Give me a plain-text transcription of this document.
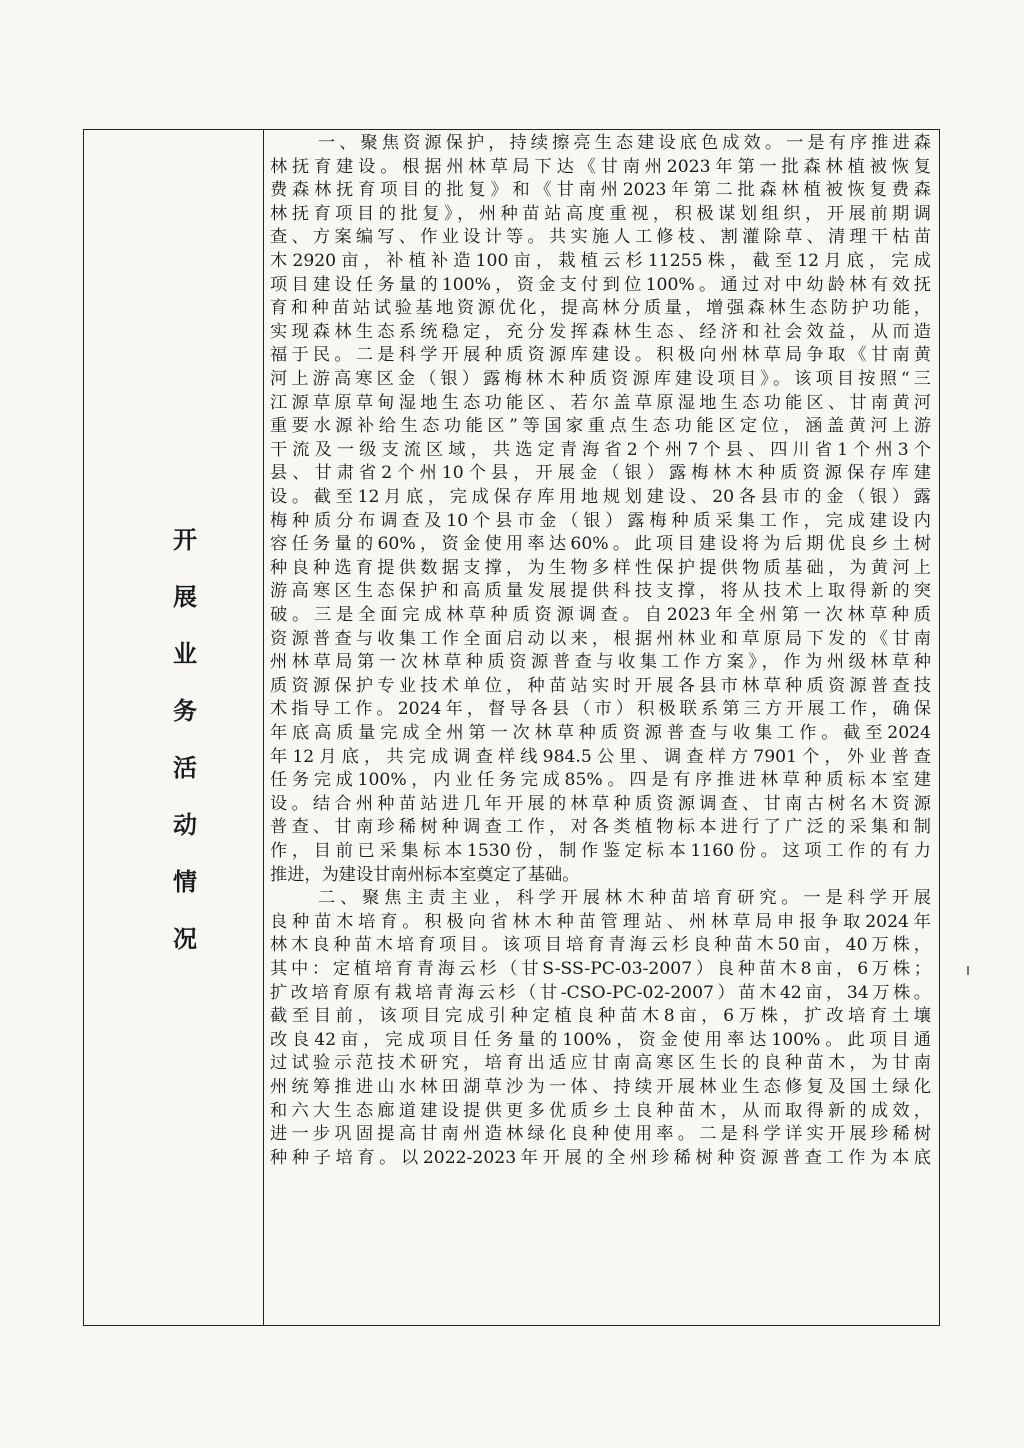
开
展
业
务
活
动
情
况
一、聚焦资源保护，持续擦亮生态建设底色成效。一是有序推进森
林抚育建设。根据州林草局下达《甘南州2023年第一批森林植被恢复
费森林抚育项目的批复》和《甘南州2023年第二批森林植被恢复费森
林抚育项目的批复》，州种苗站高度重视，积极谋划组织，开展前期调
查、方案编写、作业设计等。共实施人工修枝、割灌除草、清理干枯苗
木2920亩，补植补造100亩，栽植云杉11255株，截至12月底，完成
项目建设任务量的100%，资金支付到位100%。通过对中幼龄林有效抚
育和种苗站试验基地资源优化，提高林分质量，增强森林生态防护功能，
实现森林生态系统稳定，充分发挥森林生态、经济和社会效益，从而造
福于民。二是科学开展种质资源库建设。积极向州林草局争取《甘南黄
河上游高寒区金（银）露梅林木种质资源库建设项目》。该项目按照“三
江源草原草甸湿地生态功能区、若尔盖草原湿地生态功能区、甘南黄河
重要水源补给生态功能区”等国家重点生态功能区定位，涵盖黄河上游
干流及一级支流区域，共选定青海省2个州7个县、四川省1个州3个
县、甘肃省2个州10个县，开展金（银）露梅林木种质资源保存库建
设。截至12月底，完成保存库用地规划建设、20各县市的金（银）露
梅种质分布调查及10个县市金（银）露梅种质采集工作，完成建设内
容任务量的60%，资金使用率达60%。此项目建设将为后期优良乡土树
种良种选育提供数据支撑，为生物多样性保护提供物质基础，为黄河上
游高寒区生态保护和高质量发展提供科技支撑，将从技术上取得新的突
破。三是全面完成林草种质资源调查。自2023年全州第一次林草种质
资源普查与收集工作全面启动以来，根据州林业和草原局下发的《甘南
州林草局第一次林草种质资源普查与收集工作方案》，作为州级林草种
质资源保护专业技术单位，种苗站实时开展各县市林草种质资源普查技
术指导工作。2024年，督导各县（市）积极联系第三方开展工作，确保
年底高质量完成全州第一次林草种质资源普查与收集工作。截至2024
年12月底，共完成调查样线984.5公里、调查样方7901个，外业普查
任务完成100%，内业任务完成85%。四是有序推进林草种质标本室建
设。结合州种苗站进几年开展的林草种质资源调查、甘南古树名木资源
普查、甘南珍稀树种调查工作，对各类植物标本进行了广泛的采集和制
作，目前已采集标本1530份，制作鉴定标本1160份。这项工作的有力
推进，为建设甘南州标本室奠定了基础。
二、聚焦主责主业，科学开展林木种苗培育研究。一是科学开展
良种苗木培育。积极向省林木种苗管理站、州林草局申报争取2024年
林木良种苗木培育项目。该项目培育青海云杉良种苗木50亩，40万株，
其中：定植培育青海云杉（甘S-SS-PC-03-2007）良种苗木8亩，6万株；
扩改培育原有栽培青海云杉（甘-CSO-PC-02-2007）苗木42亩，34万株。
截至目前，该项目完成引种定植良种苗木8亩，6万株，扩改培育土壤
改良42亩，完成项目任务量的100%，资金使用率达100%。此项目通
过试验示范技术研究，培育出适应甘南高寒区生长的良种苗木，为甘南
州统筹推进山水林田湖草沙为一体、持续开展林业生态修复及国土绿化
和六大生态廊道建设提供更多优质乡土良种苗木，从而取得新的成效，
进一步巩固提高甘南州造林绿化良种使用率。二是科学详实开展珍稀树
种种子培育。以2022-2023年开展的全州珍稀树种资源普查工作为本底
